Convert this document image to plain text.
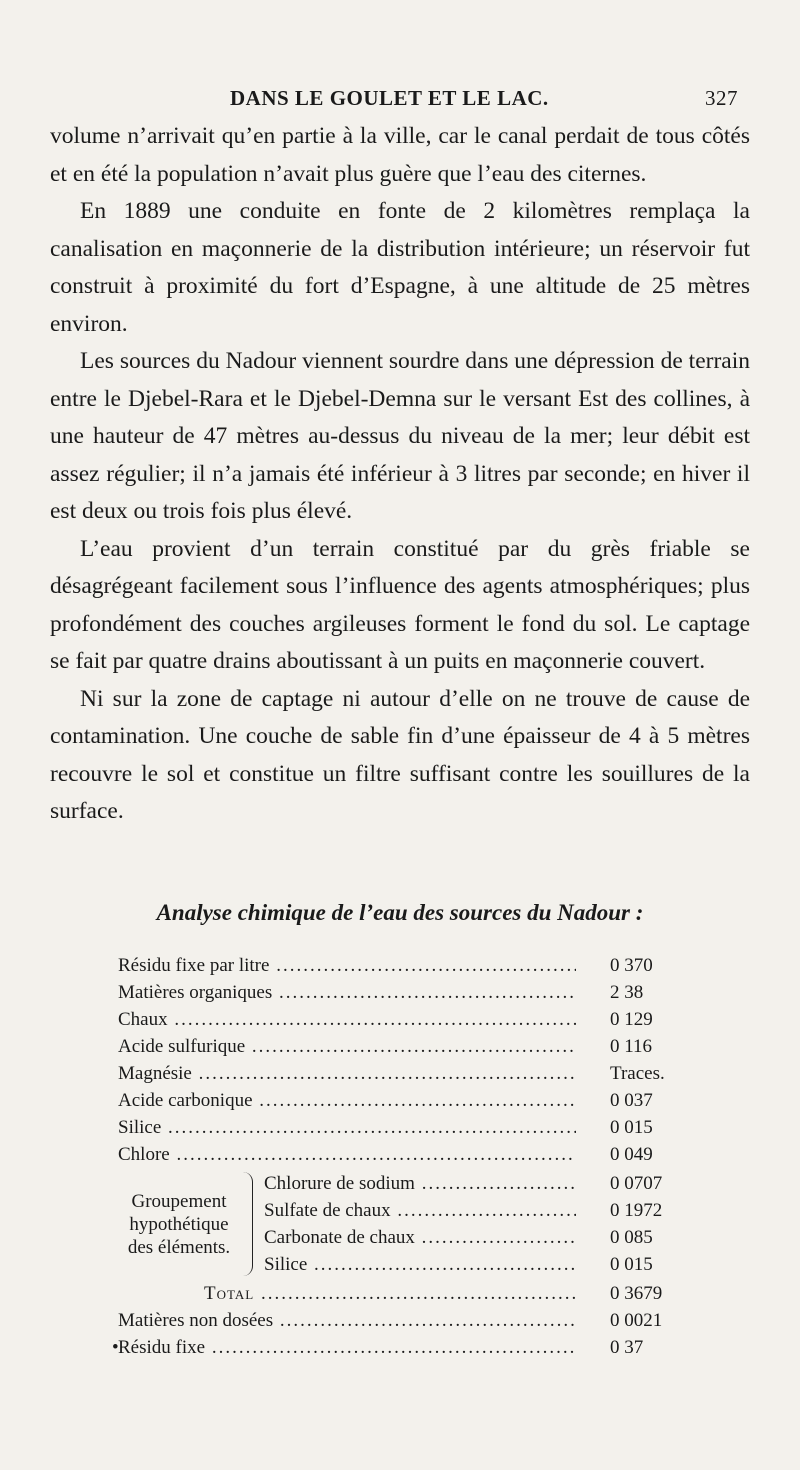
DANS LE GOULET ET LE LAC.	327

volume n’arrivait qu’en partie à la ville, car le canal perdait de tous côtés et en été la population n’avait plus guère que l’eau des citernes.

En 1889 une conduite en fonte de 2 kilomètres remplaça la canalisation en maçonnerie de la distribution intérieure; un réservoir fut construit à proximité du fort d’Espagne, à une altitude de 25 mètres environ.

Les sources du Nadour viennent sourdre dans une dépression de terrain entre le Djebel-Rara et le Djebel-Demna sur le versant Est des collines, à une hauteur de 47 mètres au-dessus du niveau de la mer; leur débit est assez régulier; il n’a jamais été inférieur à 3 litres par seconde; en hiver il est deux ou trois fois plus élevé.

L’eau provient d’un terrain constitué par du grès friable se désagrégeant facilement sous l’influence des agents atmosphériques; plus profondément des couches argileuses forment le fond du sol. Le captage se fait par quatre drains aboutissant à un puits en maçonnerie couvert.

Ni sur la zone de captage ni autour d’elle on ne trouve de cause de contamination. Une couche de sable fin d’une épaisseur de 4 à 5 mètres recouvre le sol et constitue un filtre suffisant contre les souillures de la surface.

Analyse chimique de l’eau des sources du Nadour :
Résidu fixe par litre .....	0 370
Matières organiques .....	2 38
Chaux .....	0 129
Acide sulfurique .....	0 116
Magnésie .....	Traces.
Acide carbonique .....	0 037
Silice .....	0 015
Chlore .....	0 049
Groupement
hypothétique
des éléments.
Chlorure de sodium .....	0 0707
Sulfate de chaux .....	0 1972
Carbonate de chaux .....	0 085
Silice .....	0 015
Total .....	0 3679
Matières non dosées .....	0 0021
• Résidu fixe .....	0 37
